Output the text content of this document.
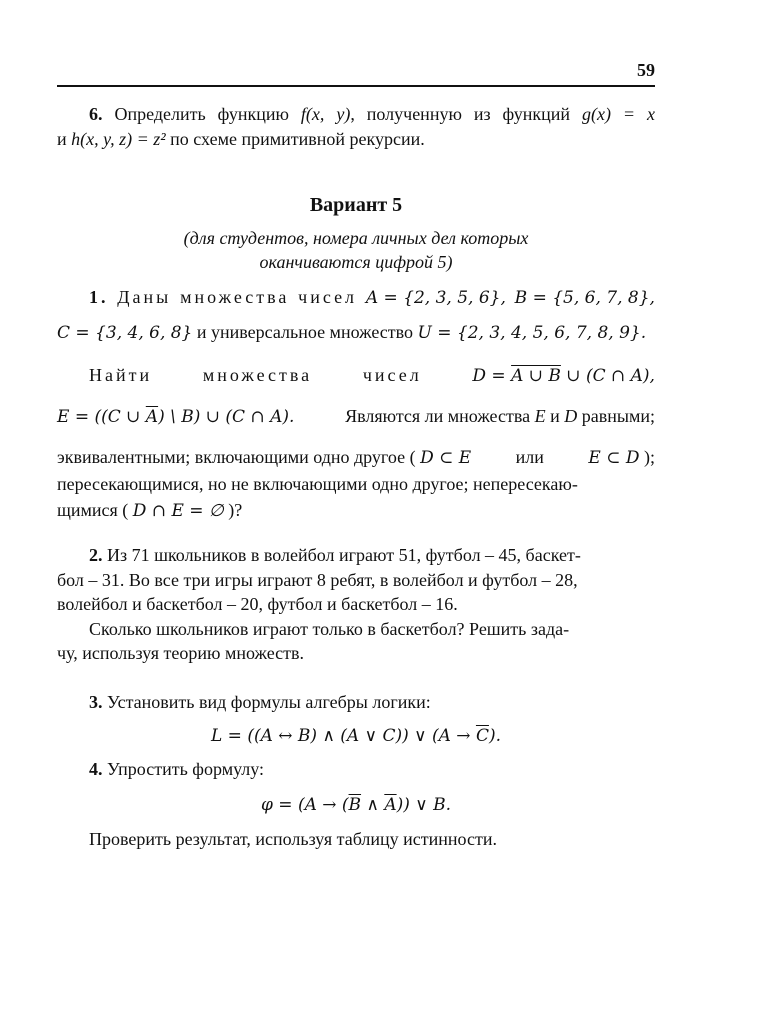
59
6. Определить функцию f(x, y), полученную из функций g(x) = x
и h(x, y, z) = z² по схеме примитивной рекурсии.
Вариант 5
(для студентов, номера личных дел которых
оканчиваются цифрой 5)
1. Даны множества чисел A = {2, 3, 5, 6}, B = {5, 6, 7, 8},
C = {3, 4, 6, 8} и универсальное множество U = {2, 3, 4, 5, 6, 7, 8, 9}.
Найти	множества	чисел	D = A ∪ B ∪ (C ∩ A),
E = ((C ∪ $\overline{A}$) \ B) ∪ (C ∩ A).	Являются ли множества E и D равными;
эквивалентными; включающими одно другое ( D ⊂ E или	E ⊂ D );
пересекающимися, но не включающими одно другое; непересекаю-
щимися ( D ∩ E = ∅ )?
2. Из 71 школьников в волейбол играют 51, футбол – 45, баскет-
бол – 31. Во все три игры играют 8 ребят, в волейбол и футбол – 28,
волейбол и баскетбол – 20, футбол и баскетбол – 16.
Сколько школьников играют только в баскетбол? Решить зада-
чу, используя теорию множеств.
3. Установить вид формулы алгебры логики:
L = ((A ↔ B) ∧ (A ∨ C)) ∨ $(A \to \overline{C})$.
4. Упростить формулу:
$\varphi = (A \to (\overline{B}$ ∧ $\overline{A}$)) ∨ B.
Проверить результат, используя таблицу истинности.
